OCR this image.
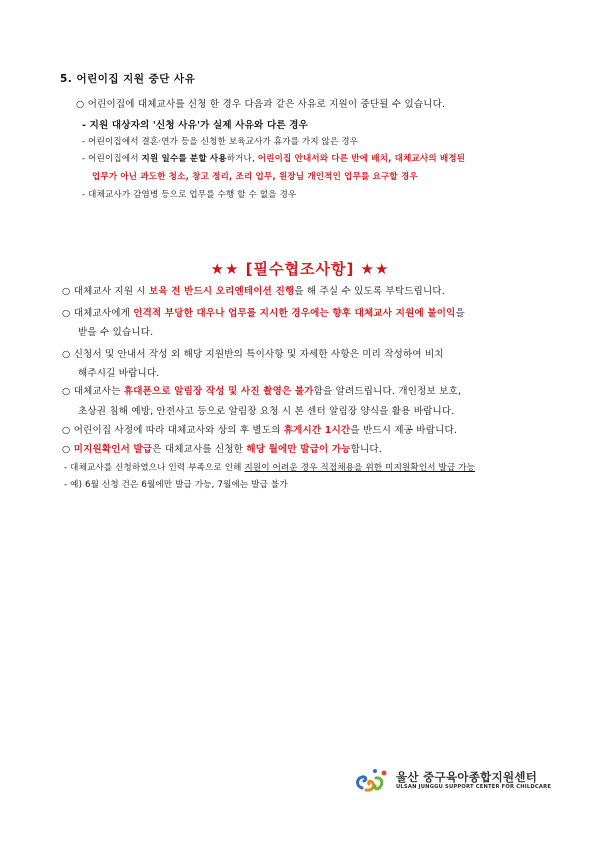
5. 어린이집 지원 중단 사유
○ 어린이집에 대체교사를 신청 한 경우 다음과 같은 사유로 지원이 중단될 수 있습니다.
- 지원 대상자의 '신청 사유'가 실제 사유와 다른 경우
- 어린이집에서 결혼·연가 등을 신청한 보육교사가 휴가를 가지 않은 경우
- 어린이집에서 지원 일수를 분할 사용하거나, 어린이집 안내서와 다른 반에 배치, 대체교사의 배정된
업무가 아닌 과도한 청소, 창고 정리, 조리 업무, 원장님 개인적인 업무를 요구할 경우
- 대체교사가 감염병 등으로 업무를 수행 할 수 없을 경우
★★ [필수협조사항] ★★
○ 대체교사 지원 시 보육 전 반드시 오리엔테이션 진행을 해 주실 수 있도록 부탁드립니다.
○ 대체교사에게 인격적 부당한 대우나 업무를 지시한 경우에는 향후 대체교사 지원에 불이익을
받을 수 있습니다.
○ 신청서 및 안내서 작성 외 해당 지원반의 특이사항 및 자세한 사항은 미리 작성하여 비치
해주시길 바랍니다.
○ 대체교사는 휴대폰으로 알림장 작성 및 사진 촬영은 불가함을 알려드립니다. 개인정보 보호,
초상권 침해 예방, 안전사고 등으로 알림장 요청 시 본 센터 알림장 양식을 활용 바랍니다.
○ 어린이집 사정에 따라 대체교사와 상의 후 별도의 휴게시간 1시간을 반드시 제공 바랍니다.
○ 미지원확인서 발급은 대체교사를 신청한 해당 월에만 발급이 가능합니다.
- 대체교사를 신청하였으나 인력 부족으로 인해 지원이 어려운 경우 직접채용을 위한 미지원확인서 발급 가능
- 예) 6월 신청 건은 6월에만 발급 가능, 7월에는 발급 불가
울산 중구육아종합지원센터
ULSAN JUNGGU SUPPORT CENTER FOR CHILDCARE
